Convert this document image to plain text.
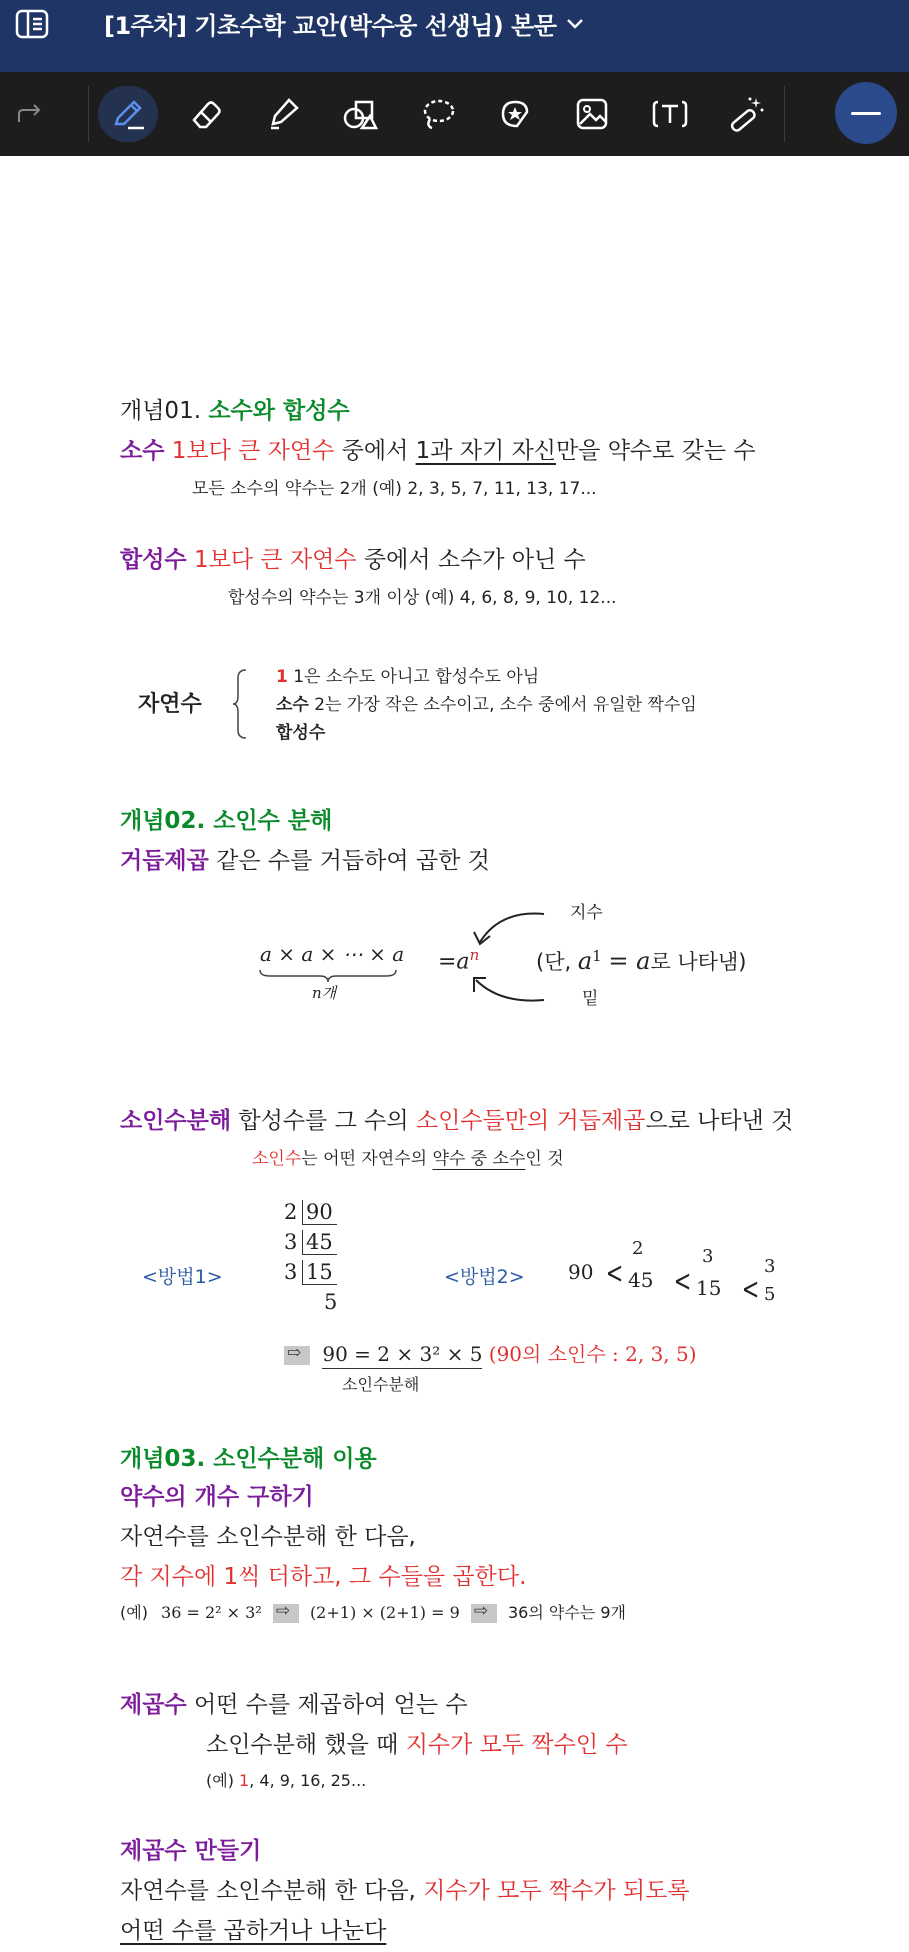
[1주차] 기초수학 교안(박수웅 선생님) 본문
개념01. 소수와 합성수
소수 1보다 큰 자연수 중에서 1과 자기 자신만을 약수로 갖는 수
모든 소수의 약수는 2개 (예) 2, 3, 5, 7, 11, 13, 17...
합성수 1보다 큰 자연수 중에서 소수가 아닌 수
합성수의 약수는 3개 이상 (예) 4, 6, 8, 9, 10, 12...
자연수
1 1은 소수도 아니고 합성수도 아님
소수 2는 가장 작은 소수이고, 소수 중에서 유일한 짝수임
합성수
개념02. 소인수 분해
거듭제곱 같은 수를 거듭하여 곱한 것
a × a × ⋯ × a
n개
$=a^n$
지수
밑
(단, $a^1 = a$로 나타냄)
소인수분해 합성수를 그 수의 소인수들만의 거듭제곱으로 나타낸 것
소인수는 어떤 자연수의 약수 중 소수인 것
<방법1>
2 90
3 45
3 15
5
<방법2> 90 <
2
45 <
3
15 <
3
5
⇨ 90 = 2 × 3² × 5 (90의 소인수 : 2, 3, 5)
소인수분해
개념03. 소인수분해 이용
약수의 개수 구하기
자연수를 소인수분해 한 다음,
각 지수에 1씩 더하고, 그 수들을 곱한다.
(예) 36 = 2² × 3² ⇨	(2+1) × (2+1) = 9 ⇨	36의 약수는 9개
제곱수 어떤 수를 제곱하여 얻는 수
소인수분해 했을 때 지수가 모두 짝수인 수
(예) 1, 4, 9, 16, 25...
제곱수 만들기
자연수를 소인수분해 한 다음, 지수가 모두 짝수가 되도록
어떤 수를 곱하거나 나눈다
